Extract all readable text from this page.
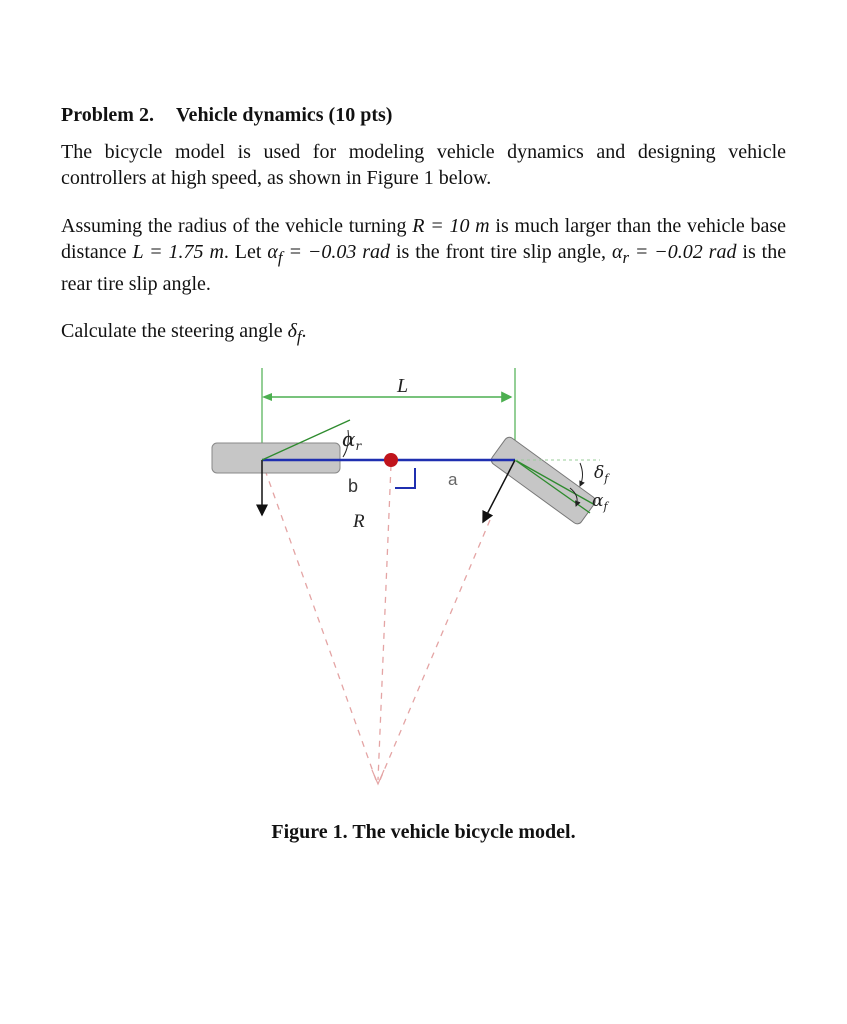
Problem 2. Vehicle dynamics (10 pts)
The bicycle model is used for modeling vehicle dynamics and designing vehicle controllers at high speed, as shown in Figure 1 below.
Assuming the radius of the vehicle turning R = 10 m is much larger than the vehicle base distance L = 1.75 m. Let $\alpha_f = -0.03$ rad is the front tire slip angle, $\alpha_r = -0.02$ rad is the rear tire slip angle.
Calculate the steering angle $\delta_f$.
L
$\alpha_r$
b	a
R
$\delta_f$
$\alpha_f$
Figure 1. The vehicle bicycle model.
